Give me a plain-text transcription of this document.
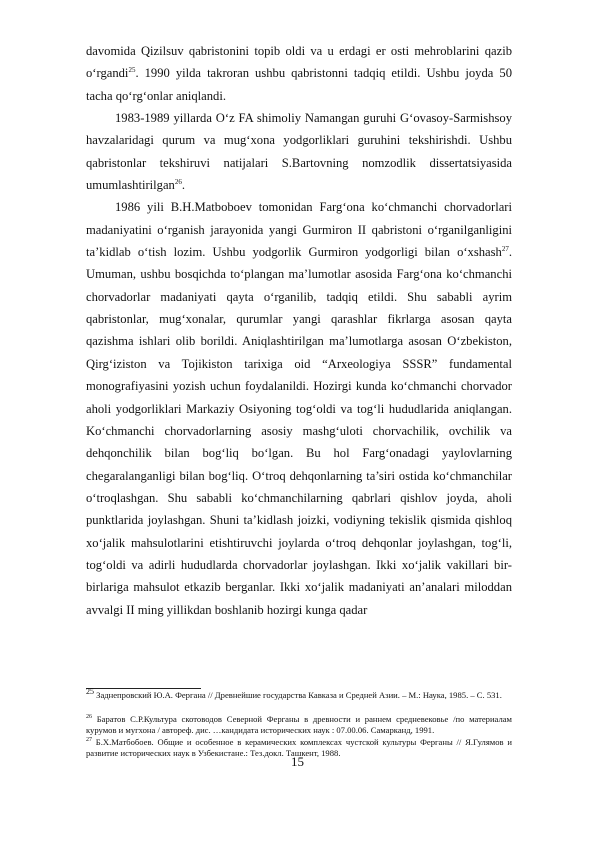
davomida Qizilsuv qabristonini topib oldi va u erdagi er osti mehroblarini qazib o‘rgandi$^{25}$. 1990 yilda takroran ushbu qabristonni tadqiq etildi. Ushbu joyda 50 tacha qo‘rg‘onlar aniqlandi.

1983-1989 yillarda O‘z FA shimoliy Namangan guruhi G‘ovasoy-Sarmishsoy havzalaridagi qurum va mug‘xona yodgorliklari guruhini tekshirishdi. Ushbu qabristonlar tekshiruvi natijalari S.Bartovning nomzodlik dissertatsiyasida umumlashtirilgan$^{26}$.

1986 yili B.H.Matboboev tomonidan Farg‘ona ko‘chmanchi chorvadorlari madaniyatini o‘rganish jarayonida yangi Gurmiron II qabristoni o‘rganilganligini ta’kidlab o‘tish lozim. Ushbu yodgorlik Gurmiron yodgorligi bilan o‘xshash$^{27}$. Umuman, ushbu bosqichda to‘plangan ma’lumotlar asosida Farg‘ona ko‘chmanchi chorvadorlar madaniyati qayta o‘rganilib, tadqiq etildi. Shu sababli ayrim qabristonlar, mug‘xonalar, qurumlar yangi qarashlar fikrlarga asosan qayta qazishma ishlari olib borildi. Aniqlashtirilgan ma’lumotlarga asosan O‘zbekiston, Qirg‘iziston va Tojikiston tarixiga oid “Arxeologiya SSSR” fundamental monografiyasini yozish uchun foydalanildi. Hozirgi kunda ko‘chmanchi chorvador aholi yodgorliklari Markaziy Osiyoning tog‘oldi va tog‘li hududlarida aniqlangan. Ko‘chmanchi chorvadorlarning asosiy mashg‘uloti chorvachilik, ovchilik va dehqonchilik bilan bog‘liq bo‘lgan. Bu hol Farg‘onadagi yaylovlarning chegaralanganligi bilan bog‘liq. O‘troq dehqonlarning ta’siri ostida ko‘chmanchilar o‘troqlashgan. Shu sababli ko‘chmanchilarning qabrlari qishlov joyda, aholi punktlarida joylashgan. Shuni ta’kidlash joizki, vodiyning tekislik qismida qishloq xo‘jalik mahsulotlarini etishtiruvchi joylarda o‘troq dehqonlar joylashgan, tog‘li, tog‘oldi va adirli hududlarda chorvadorlar joylashgan. Ikki xo‘jalik vakillari bir-birlariga mahsulot etkazib berganlar. Ikki xo‘jalik madaniyati an’analari miloddan avvalgi II ming yillikdan boshlanib hozirgi kunga qadar

$^{25}$ Заднепровский Ю.А. Фергана // Древнейшие государства Кавказа и Средней Азии. – М.: Наука, 1985. – С. 531.
$^{26}$ Баратов С.Р.Культура скотоводов Северной Ферганы в древности и раннем средневековье /по материалам курумов и мугхона / автореф. дис. …кандидата исторических наук : 07.00.06. Самарканд, 1991.
$^{27}$ Б.Х.Матбобоев. Общие и особенное в керамических комплексах чустской культуры Ферганы // Я.Гулямов и развитие исторических наук в Узбекистане.: Тез.докл. Ташкент, 1988.
15
